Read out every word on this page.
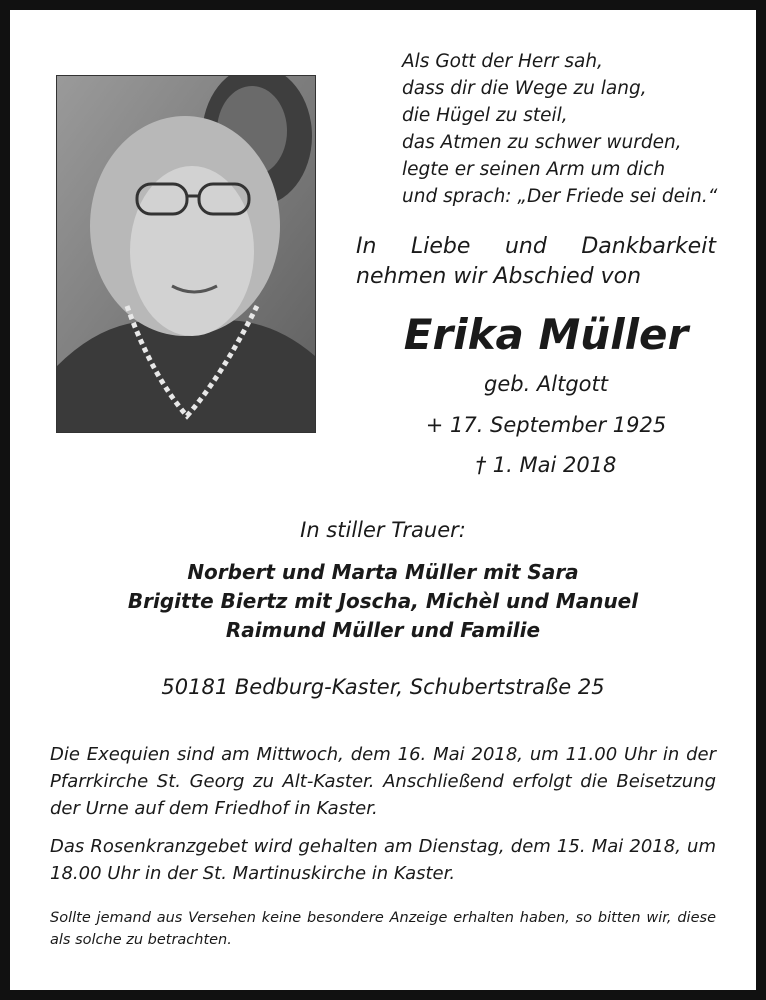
Als Gott der Herr sah,
dass dir die Wege zu lang,
die Hügel zu steil,
das Atmen zu schwer wurden,
legte er seinen Arm um dich
und sprach: „Der Friede sei dein.“
In Liebe und Dankbarkeit
nehmen wir Abschied von
Erika Müller
geb. Altgott
+ 17. September 1925
† 1. Mai 2018
In stiller Trauer:
Norbert und Marta Müller mit Sara
Brigitte Biertz mit Joscha, Michèl und Manuel
Raimund Müller und Familie
50181 Bedburg-Kaster, Schubertstraße 25
Die Exequien sind am Mittwoch, dem 16. Mai 2018, um 11.00 Uhr in der Pfarrkirche St. Georg zu Alt-Kaster. Anschließend erfolgt die Beisetzung der Urne auf dem Friedhof in Kaster.
Das Rosenkranzgebet wird gehalten am Dienstag, dem 15. Mai 2018, um 18.00 Uhr in der St. Martinuskirche in Kaster.
Sollte jemand aus Versehen keine besondere Anzeige erhalten haben, so bitten wir, diese als solche zu betrachten.
